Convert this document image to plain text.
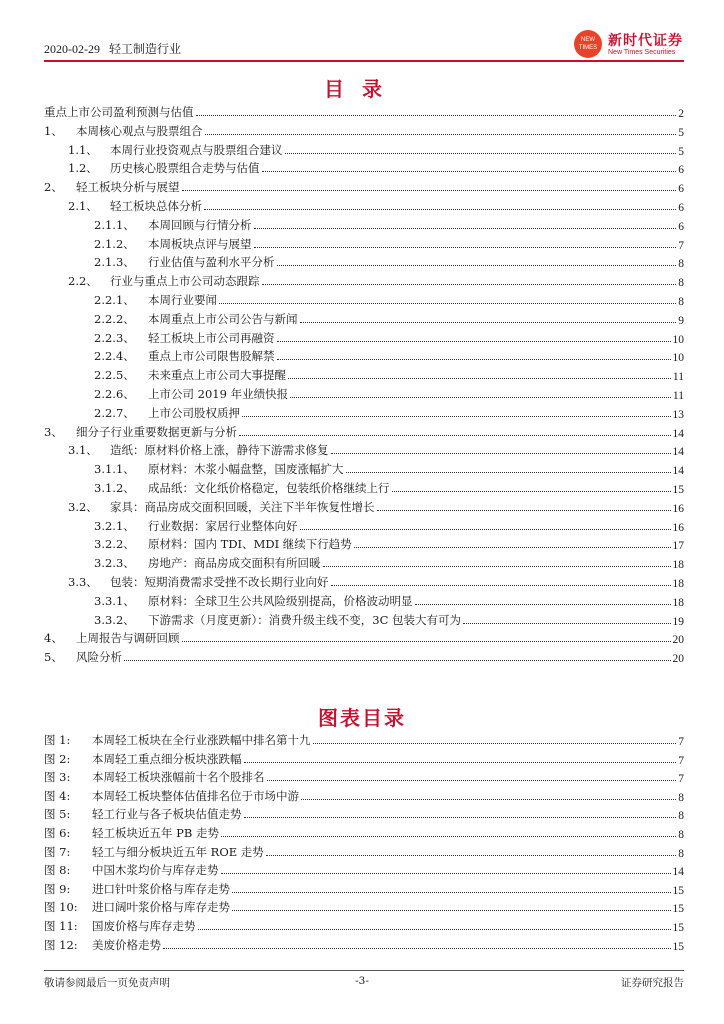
2020-02-29 轻工制造行业
NEW TIMES 新时代证券
New Times Securities
目录
重点上市公司盈利预测与估值	2
1、	本周核心观点与股票组合	5
1.1、	本周行业投资观点与股票组合建议	5
1.2、	历史核心股票组合走势与估值	6
2、	轻工板块分析与展望	6
2.1、	轻工板块总体分析	6
2.1.1、	本周回顾与行情分析	6
2.1.2、	本周板块点评与展望	7
2.1.3、	行业估值与盈利水平分析	8
2.2、	行业与重点上市公司动态跟踪	8
2.2.1、	本周行业要闻	8
2.2.2、	本周重点上市公司公告与新闻	9
2.2.3、	轻工板块上市公司再融资	10
2.2.4、	重点上市公司限售股解禁	10
2.2.5、	未来重点上市公司大事提醒	11
2.2.6、	上市公司 2019 年业绩快报	11
2.2.7、	上市公司股权质押	13
3、	细分子行业重要数据更新与分析	14
3.1、	造纸：原材料价格上涨，静待下游需求修复	14
3.1.1、	原材料：木浆小幅盘整，国废涨幅扩大	14
3.1.2、	成品纸：文化纸价格稳定，包装纸价格继续上行	15
3.2、	家具：商品房成交面积回暖，关注下半年恢复性增长	16
3.2.1、	行业数据：家居行业整体向好	16
3.2.2、	原材料：国内 TDI、MDI 继续下行趋势	17
3.2.3、	房地产：商品房成交面积有所回暖	18
3.3、	包装：短期消费需求受挫不改长期行业向好	18
3.3.1、	原材料：全球卫生公共风险级别提高，价格波动明显	18
3.3.2、	下游需求（月度更新）：消费升级主线不变，3C 包装大有可为	19
4、	上周报告与调研回顾	20
5、	风险分析	20
图表目录
图 1:	本周轻工板块在全行业涨跌幅中排名第十九	7
图 2:	本周轻工重点细分板块涨跌幅	7
图 3:	本周轻工板块涨幅前十名个股排名	7
图 4:	本周轻工板块整体估值排名位于市场中游	8
图 5:	轻工行业与各子板块估值走势	8
图 6:	轻工板块近五年 PB 走势	8
图 7:	轻工与细分板块近五年 ROE 走势	8
图 8:	中国木浆均价与库存走势	14
图 9:	进口针叶浆价格与库存走势	15
图 10:	进口阔叶浆价格与库存走势	15
图 11:	国废价格与库存走势	15
图 12:	美废价格走势	15
敬请参阅最后一页免责声明	-3-	证券研究报告
